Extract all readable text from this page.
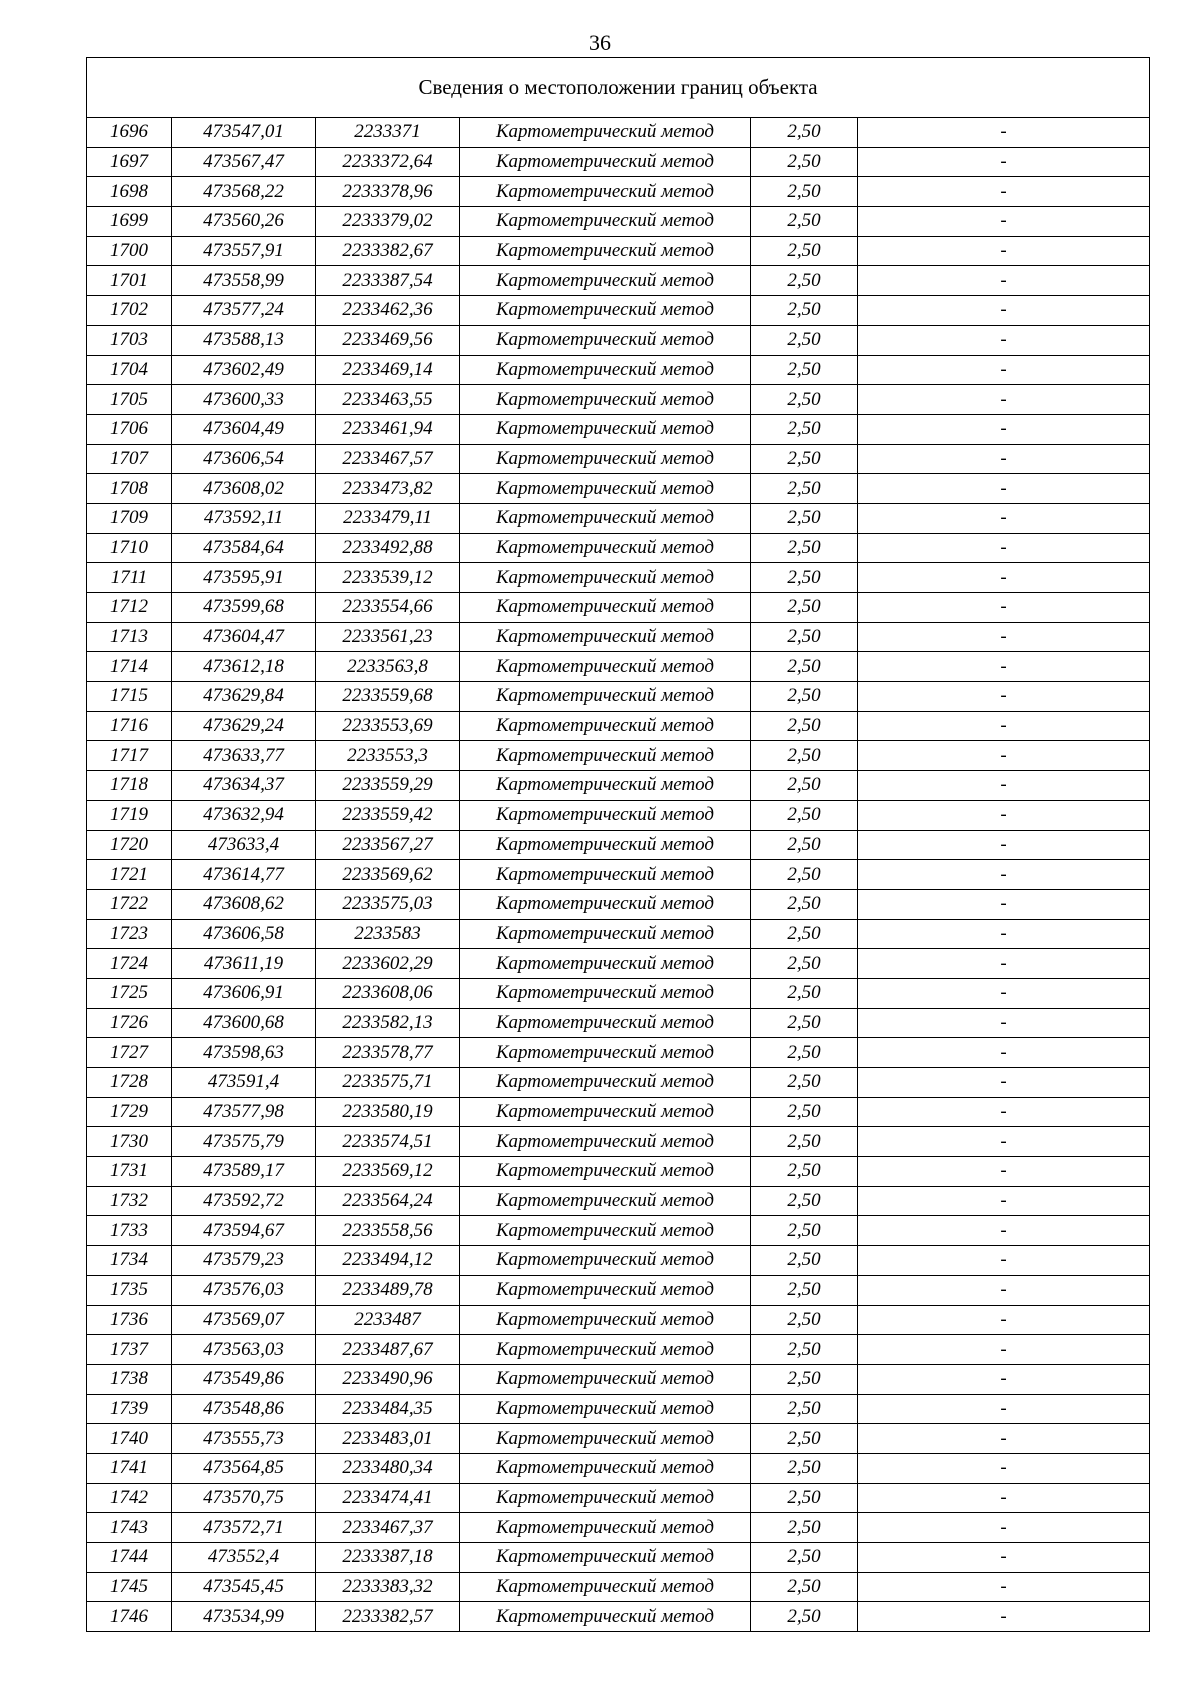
36
Сведения о местоположении границ объекта					
1696	473547,01	2233371	Картометрический метод	2,50	-
1697	473567,47	2233372,64	Картометрический метод	2,50	-
1698	473568,22	2233378,96	Картометрический метод	2,50	-
1699	473560,26	2233379,02	Картометрический метод	2,50	-
1700	473557,91	2233382,67	Картометрический метод	2,50	-
1701	473558,99	2233387,54	Картометрический метод	2,50	-
1702	473577,24	2233462,36	Картометрический метод	2,50	-
1703	473588,13	2233469,56	Картометрический метод	2,50	-
1704	473602,49	2233469,14	Картометрический метод	2,50	-
1705	473600,33	2233463,55	Картометрический метод	2,50	-
1706	473604,49	2233461,94	Картометрический метод	2,50	-
1707	473606,54	2233467,57	Картометрический метод	2,50	-
1708	473608,02	2233473,82	Картометрический метод	2,50	-
1709	473592,11	2233479,11	Картометрический метод	2,50	-
1710	473584,64	2233492,88	Картометрический метод	2,50	-
1711	473595,91	2233539,12	Картометрический метод	2,50	-
1712	473599,68	2233554,66	Картометрический метод	2,50	-
1713	473604,47	2233561,23	Картометрический метод	2,50	-
1714	473612,18	2233563,8	Картометрический метод	2,50	-
1715	473629,84	2233559,68	Картометрический метод	2,50	-
1716	473629,24	2233553,69	Картометрический метод	2,50	-
1717	473633,77	2233553,3	Картометрический метод	2,50	-
1718	473634,37	2233559,29	Картометрический метод	2,50	-
1719	473632,94	2233559,42	Картометрический метод	2,50	-
1720	473633,4	2233567,27	Картометрический метод	2,50	-
1721	473614,77	2233569,62	Картометрический метод	2,50	-
1722	473608,62	2233575,03	Картометрический метод	2,50	-
1723	473606,58	2233583	Картометрический метод	2,50	-
1724	473611,19	2233602,29	Картометрический метод	2,50	-
1725	473606,91	2233608,06	Картометрический метод	2,50	-
1726	473600,68	2233582,13	Картометрический метод	2,50	-
1727	473598,63	2233578,77	Картометрический метод	2,50	-
1728	473591,4	2233575,71	Картометрический метод	2,50	-
1729	473577,98	2233580,19	Картометрический метод	2,50	-
1730	473575,79	2233574,51	Картометрический метод	2,50	-
1731	473589,17	2233569,12	Картометрический метод	2,50	-
1732	473592,72	2233564,24	Картометрический метод	2,50	-
1733	473594,67	2233558,56	Картометрический метод	2,50	-
1734	473579,23	2233494,12	Картометрический метод	2,50	-
1735	473576,03	2233489,78	Картометрический метод	2,50	-
1736	473569,07	2233487	Картометрический метод	2,50	-
1737	473563,03	2233487,67	Картометрический метод	2,50	-
1738	473549,86	2233490,96	Картометрический метод	2,50	-
1739	473548,86	2233484,35	Картометрический метод	2,50	-
1740	473555,73	2233483,01	Картометрический метод	2,50	-
1741	473564,85	2233480,34	Картометрический метод	2,50	-
1742	473570,75	2233474,41	Картометрический метод	2,50	-
1743	473572,71	2233467,37	Картометрический метод	2,50	-
1744	473552,4	2233387,18	Картометрический метод	2,50	-
1745	473545,45	2233383,32	Картометрический метод	2,50	-
1746	473534,99	2233382,57	Картометрический метод	2,50	-
